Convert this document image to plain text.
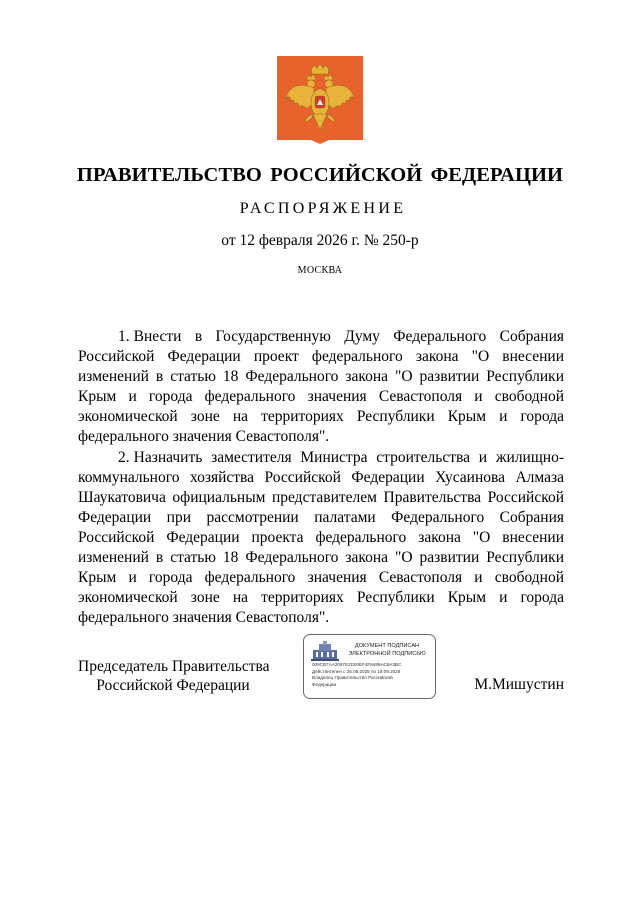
ПРАВИТЕЛЬСТВО РОССИЙСКОЙ ФЕДЕРАЦИИ
РАСПОРЯЖЕНИЕ
от 12 февраля 2026 г. № 250-р
МОСКВА

1. Внести в Государственную Думу Федерального Собрания Российской Федерации проект федерального закона "О внесении изменений в статью 18 Федерального закона "О развитии Республики Крым и города федерального значения Севастополя и свободной экономической зоне на территориях Республики Крым и города федерального значения Севастополя".

2. Назначить заместителя Министра строительства и жилищно-коммунального хозяйства Российской Федерации Хусаинова Алмаза Шаукатовича официальным представителем Правительства Российской Федерации при рассмотрении палатами Федерального Собрания Российской Федерации проекта федерального закона "О внесении изменений в статью 18 Федерального закона "О развитии Республики Крым и города федерального значения Севастополя и свободной экономической зоне на территориях Республики Крым и города федерального значения Севастополя".

Председатель Правительства
Российской Федерации
ДОКУМЕНТ ПОДПИСАН
ЭЛЕКТРОННОЙ ПОДПИСЬЮ
008CB7AA2097E2D00EF4F8489AC8A3BC
Действителен с 26.06.2025 по 19.09.2026
Владелец Правительство Российской
Федерации	М.Мишустин
